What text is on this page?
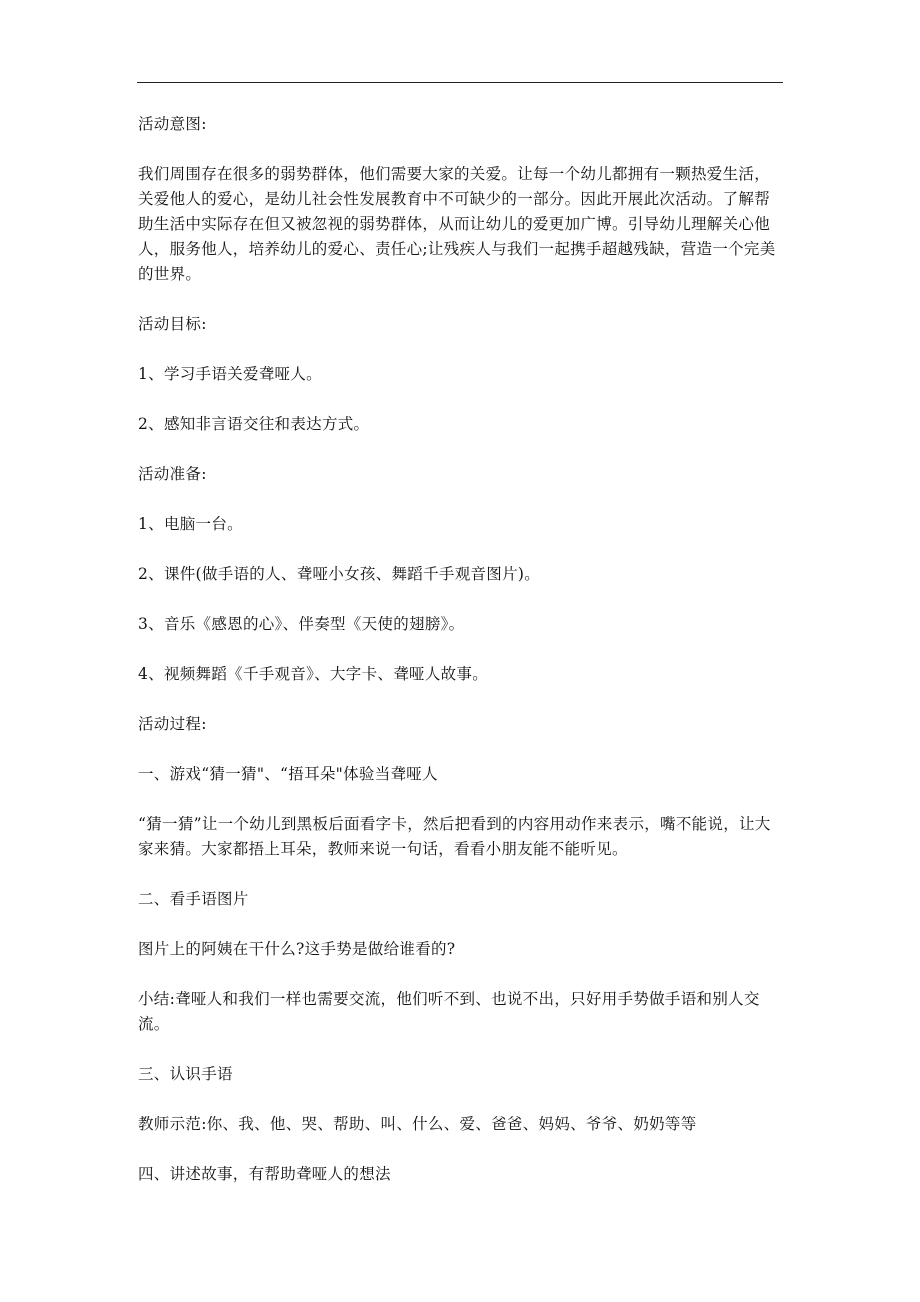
活动意图:

我们周围存在很多的弱势群体，他们需要大家的关爱。让每一个幼儿都拥有一颗热爱生活，关爱他人的爱心，是幼儿社会性发展教育中不可缺少的一部分。因此开展此次活动。了解帮助生活中实际存在但又被忽视的弱势群体，从而让幼儿的爱更加广博。引导幼儿理解关心他人，服务他人，培养幼儿的爱心、责任心;让残疾人与我们一起携手超越残缺，营造一个完美的世界。

活动目标:

1、学习手语关爱聋哑人。

2、感知非言语交往和表达方式。

活动准备:

1、电脑一台。

2、课件(做手语的人、聋哑小女孩、舞蹈千手观音图片)。

3、音乐《感恩的心》、伴奏型《天使的翅膀》。

4、视频舞蹈《千手观音》、大字卡、聋哑人故事。

活动过程:

一、游戏“猜一猜"、“捂耳朵"体验当聋哑人

“猜一猜”让一个幼儿到黑板后面看字卡，然后把看到的内容用动作来表示，嘴不能说，让大家来猜。大家都捂上耳朵，教师来说一句话，看看小朋友能不能听见。

二、看手语图片

图片上的阿姨在干什么?这手势是做给谁看的?

小结:聋哑人和我们一样也需要交流，他们听不到、也说不出，只好用手势做手语和别人交流。

三、认识手语

教师示范:你、我、他、哭、帮助、叫、什么、爱、爸爸、妈妈、爷爷、奶奶等等

四、讲述故事，有帮助聋哑人的想法
